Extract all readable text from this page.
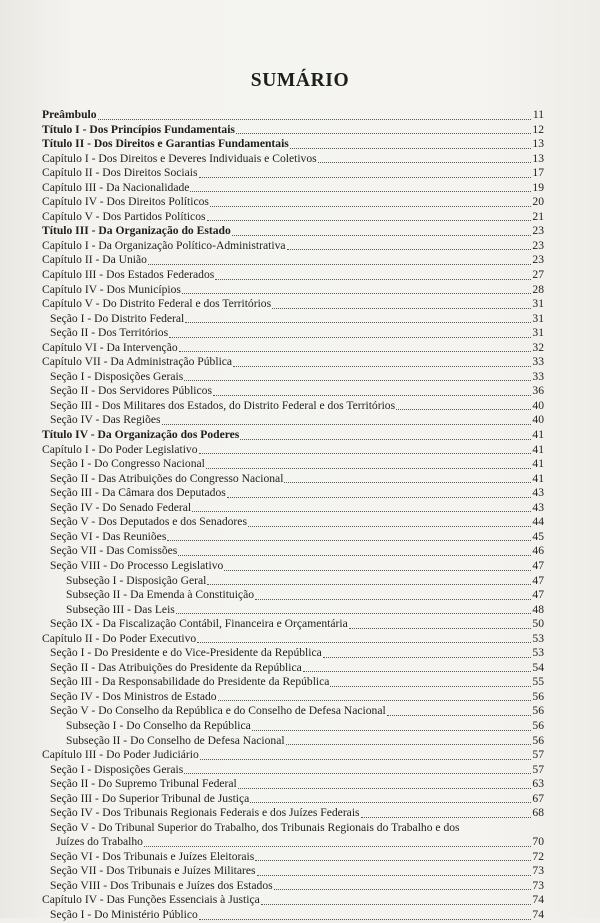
SUMÁRIO
Preâmbulo	11
Título I - Dos Princípios Fundamentais	12
Título II - Dos Direitos e Garantias Fundamentais	13
Capítulo I - Dos Direitos e Deveres Individuais e Coletivos	13
Capítulo II - Dos Direitos Sociais	17
Capítulo III - Da Nacionalidade	19
Capítulo IV - Dos Direitos Políticos	20
Capítulo V - Dos Partidos Políticos	21
Título III - Da Organização do Estado	23
Capítulo I - Da Organização Político-Administrativa	23
Capítulo II - Da União	23
Capítulo III - Dos Estados Federados	27
Capítulo IV - Dos Municípios	28
Capítulo V - Do Distrito Federal e dos Territórios	31
Seção I - Do Distrito Federal	31
Seção II - Dos Territórios	31
Capítulo VI - Da Intervenção	32
Capítulo VII - Da Administração Pública	33
Seção I - Disposições Gerais	33
Seção II - Dos Servidores Públicos	36
Seção III - Dos Militares dos Estados, do Distrito Federal e dos Territórios	40
Seção IV - Das Regiões	40
Título IV - Da Organização dos Poderes	41
Capítulo I - Do Poder Legislativo	41
Seção I - Do Congresso Nacional	41
Seção II - Das Atribuições do Congresso Nacional	41
Seção III - Da Câmara dos Deputados	43
Seção IV - Do Senado Federal	43
Seção V - Dos Deputados e dos Senadores	44
Seção VI - Das Reuniões	45
Seção VII - Das Comissões	46
Seção VIII - Do Processo Legislativo	47
Subseção I - Disposição Geral	47
Subseção II - Da Emenda à Constituição	47
Subseção III - Das Leis	48
Seção IX - Da Fiscalização Contábil, Financeira e Orçamentária	50
Capítulo II - Do Poder Executivo	53
Seção I - Do Presidente e do Vice-Presidente da República	53
Seção II - Das Atribuições do Presidente da República	54
Seção III - Da Responsabilidade do Presidente da República	55
Seção IV - Dos Ministros de Estado	56
Seção V - Do Conselho da República e do Conselho de Defesa Nacional	56
Subseção I - Do Conselho da República	56
Subseção II - Do Conselho de Defesa Nacional	56
Capítulo III - Do Poder Judiciário	57
Seção I - Disposições Gerais	57
Seção II - Do Supremo Tribunal Federal	63
Seção III - Do Superior Tribunal de Justiça	67
Seção IV - Dos Tribunais Regionais Federais e dos Juízes Federais	68
Seção V - Do Tribunal Superior do Trabalho, dos Tribunais Regionais do Trabalho e dos
Juízes do Trabalho	70
Seção VI - Dos Tribunais e Juízes Eleitorais	72
Seção VII - Dos Tribunais e Juízes Militares	73
Seção VIII - Dos Tribunais e Juízes dos Estados	73
Capítulo IV - Das Funções Essenciais à Justiça	74
Seção I - Do Ministério Público	74
